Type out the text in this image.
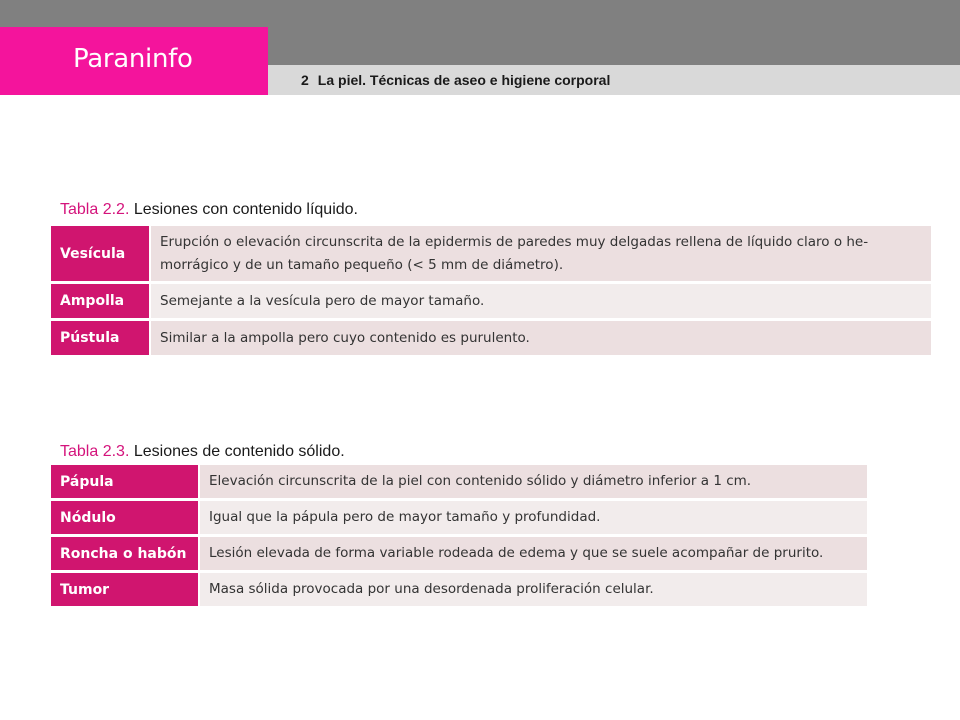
Paraninfo
2 La piel. Técnicas de aseo e higiene corporal
Tabla 2.2. Lesiones con contenido líquido.
Vesícula	Erupción o elevación circunscrita de la epidermis de paredes muy delgadas rellena de líquido claro o he-morrágico y de un tamaño pequeño (< 5 mm de diámetro).
Ampolla	Semejante a la vesícula pero de mayor tamaño.
Pústula	Similar a la ampolla pero cuyo contenido es purulento.
Tabla 2.3. Lesiones de contenido sólido.
Pápula	Elevación circunscrita de la piel con contenido sólido y diámetro inferior a 1 cm.
Nódulo	Igual que la pápula pero de mayor tamaño y profundidad.
Roncha o habón	Lesión elevada de forma variable rodeada de edema y que se suele acompañar de prurito.
Tumor	Masa sólida provocada por una desordenada proliferación celular.
